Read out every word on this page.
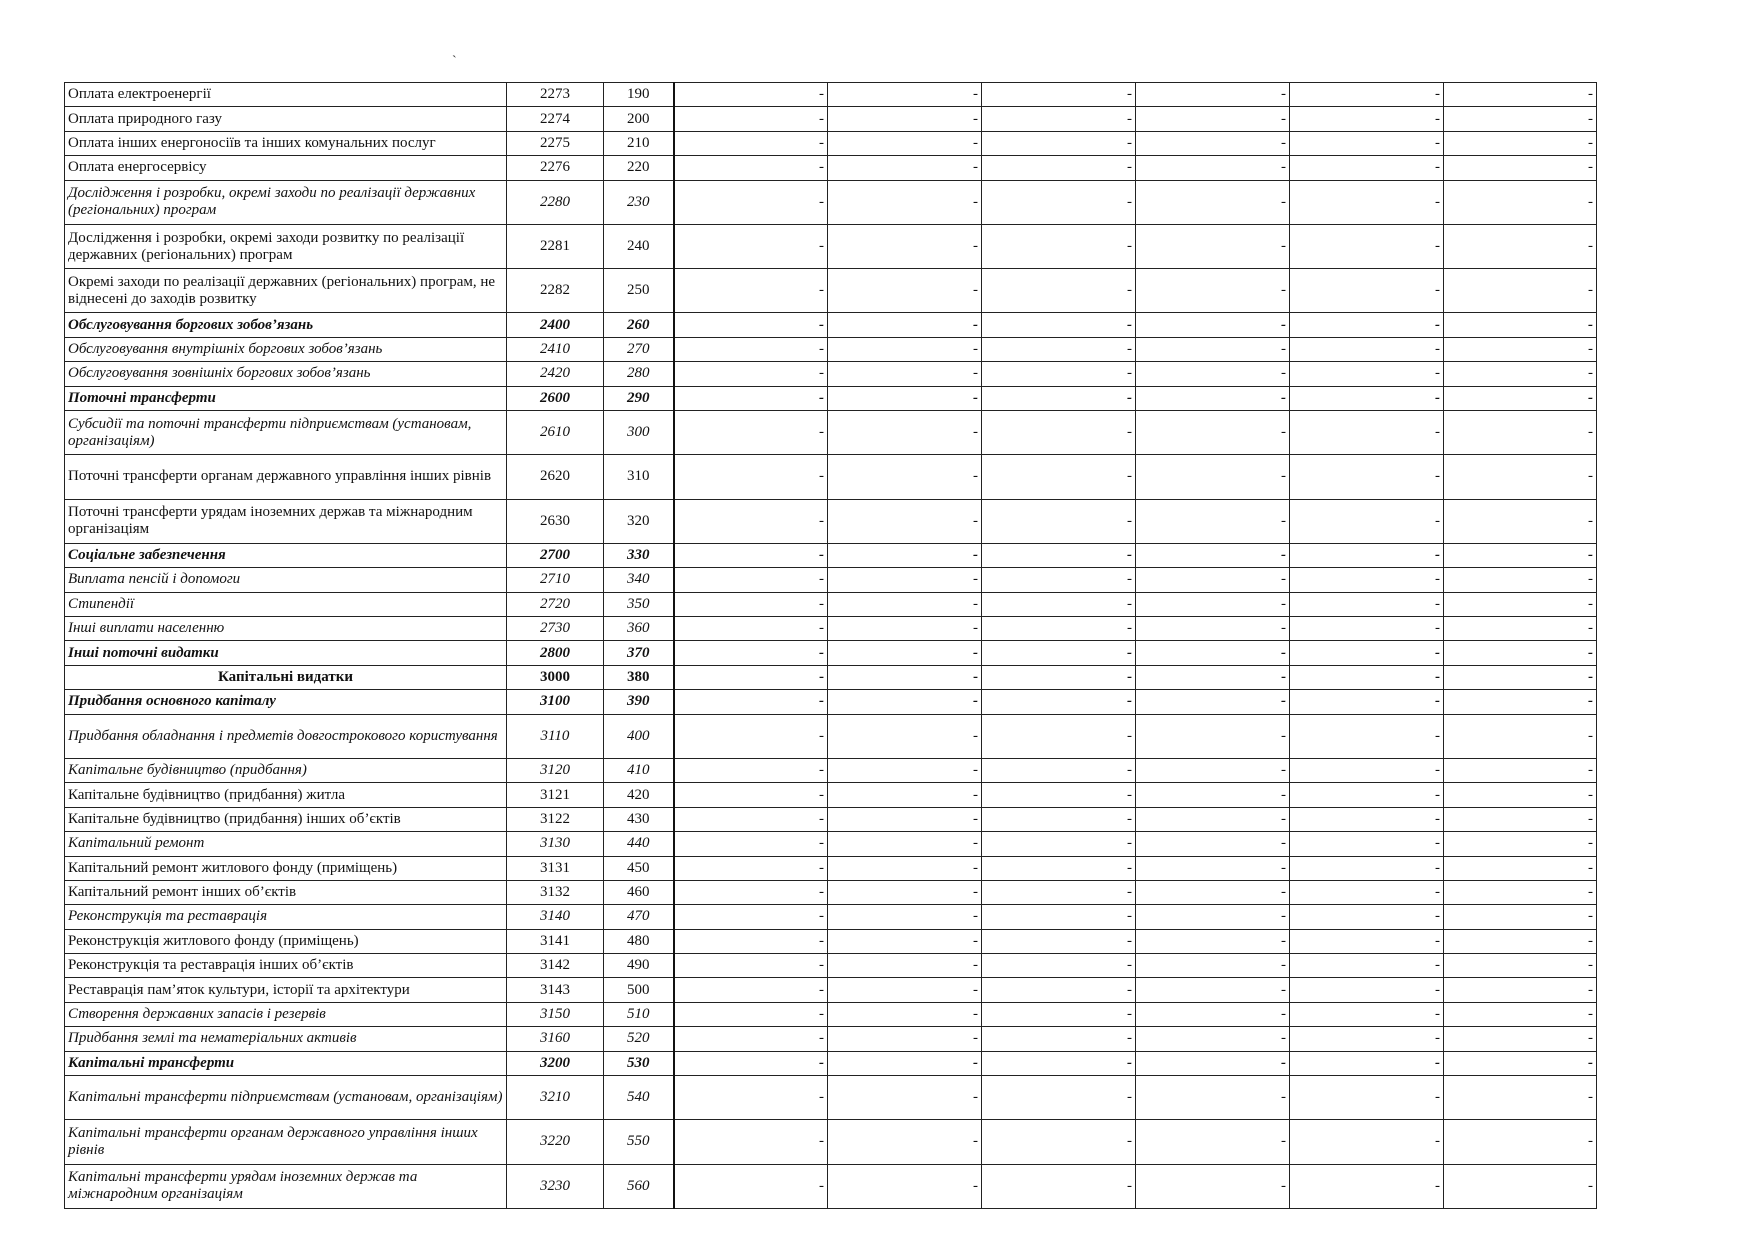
`
Оплата електроенергії	2273	190	-	-	-	-	-	-
Оплата природного газу	2274	200	-	-	-	-	-	-
Оплата інших енергоносіїв та інших комунальних послуг	2275	210	-	-	-	-	-	-
Оплата енергосервісу	2276	220	-	-	-	-	-	-
Дослідження і розробки, окремі заходи по реалізації державних (регіональних) програм	2280	230	-	-	-	-	-	-
Дослідження і розробки, окремі заходи розвитку по реалізації державних (регіональних) програм	2281	240	-	-	-	-	-	-
Окремі заходи по реалізації державних (регіональних) програм, не віднесені до заходів розвитку	2282	250	-	-	-	-	-	-
Обслуговування боргових зобов’язань	2400	260	-	-	-	-	-	-
Обслуговування внутрішніх боргових зобов’язань	2410	270	-	-	-	-	-	-
Обслуговування зовнішніх боргових зобов’язань	2420	280	-	-	-	-	-	-
Поточні трансферти	2600	290	-	-	-	-	-	-
Субсидії та поточні трансферти підприємствам (установам, організаціям)	2610	300	-	-	-	-	-	-
Поточні трансферти органам державного управління інших рівнів	2620	310	-	-	-	-	-	-
Поточні трансферти урядам іноземних держав та міжнародним організаціям	2630	320	-	-	-	-	-	-
Соціальне забезпечення	2700	330	-	-	-	-	-	-
Виплата пенсій і допомоги	2710	340	-	-	-	-	-	-
Стипендії	2720	350	-	-	-	-	-	-
Інші виплати населенню	2730	360	-	-	-	-	-	-
Інші поточні видатки	2800	370	-	-	-	-	-	-
Капітальні видатки	3000	380	-	-	-	-	-	-
Придбання основного капіталу	3100	390	-	-	-	-	-	-
Придбання обладнання і предметів довгострокового користування	3110	400	-	-	-	-	-	-
Капітальне будівництво (придбання)	3120	410	-	-	-	-	-	-
Капітальне будівництво (придбання) житла	3121	420	-	-	-	-	-	-
Капітальне будівництво (придбання) інших об’єктів	3122	430	-	-	-	-	-	-
Капітальний ремонт	3130	440	-	-	-	-	-	-
Капітальний ремонт житлового фонду (приміщень)	3131	450	-	-	-	-	-	-
Капітальний ремонт інших об’єктів	3132	460	-	-	-	-	-	-
Реконструкція та реставрація	3140	470	-	-	-	-	-	-
Реконструкція житлового фонду (приміщень)	3141	480	-	-	-	-	-	-
Реконструкція та реставрація інших об’єктів	3142	490	-	-	-	-	-	-
Реставрація пам’яток культури, історії та архітектури	3143	500	-	-	-	-	-	-
Створення державних запасів і резервів	3150	510	-	-	-	-	-	-
Придбання землі та нематеріальних активів	3160	520	-	-	-	-	-	-
Капітальні трансферти	3200	530	-	-	-	-	-	-
Капітальні трансферти підприємствам (установам, організаціям)	3210	540	-	-	-	-	-	-
Капітальні трансферти органам державного управління інших рівнів	3220	550	-	-	-	-	-	-
Капітальні трансферти урядам іноземних держав та міжнародним організаціям	3230	560	-	-	-	-	-	-
